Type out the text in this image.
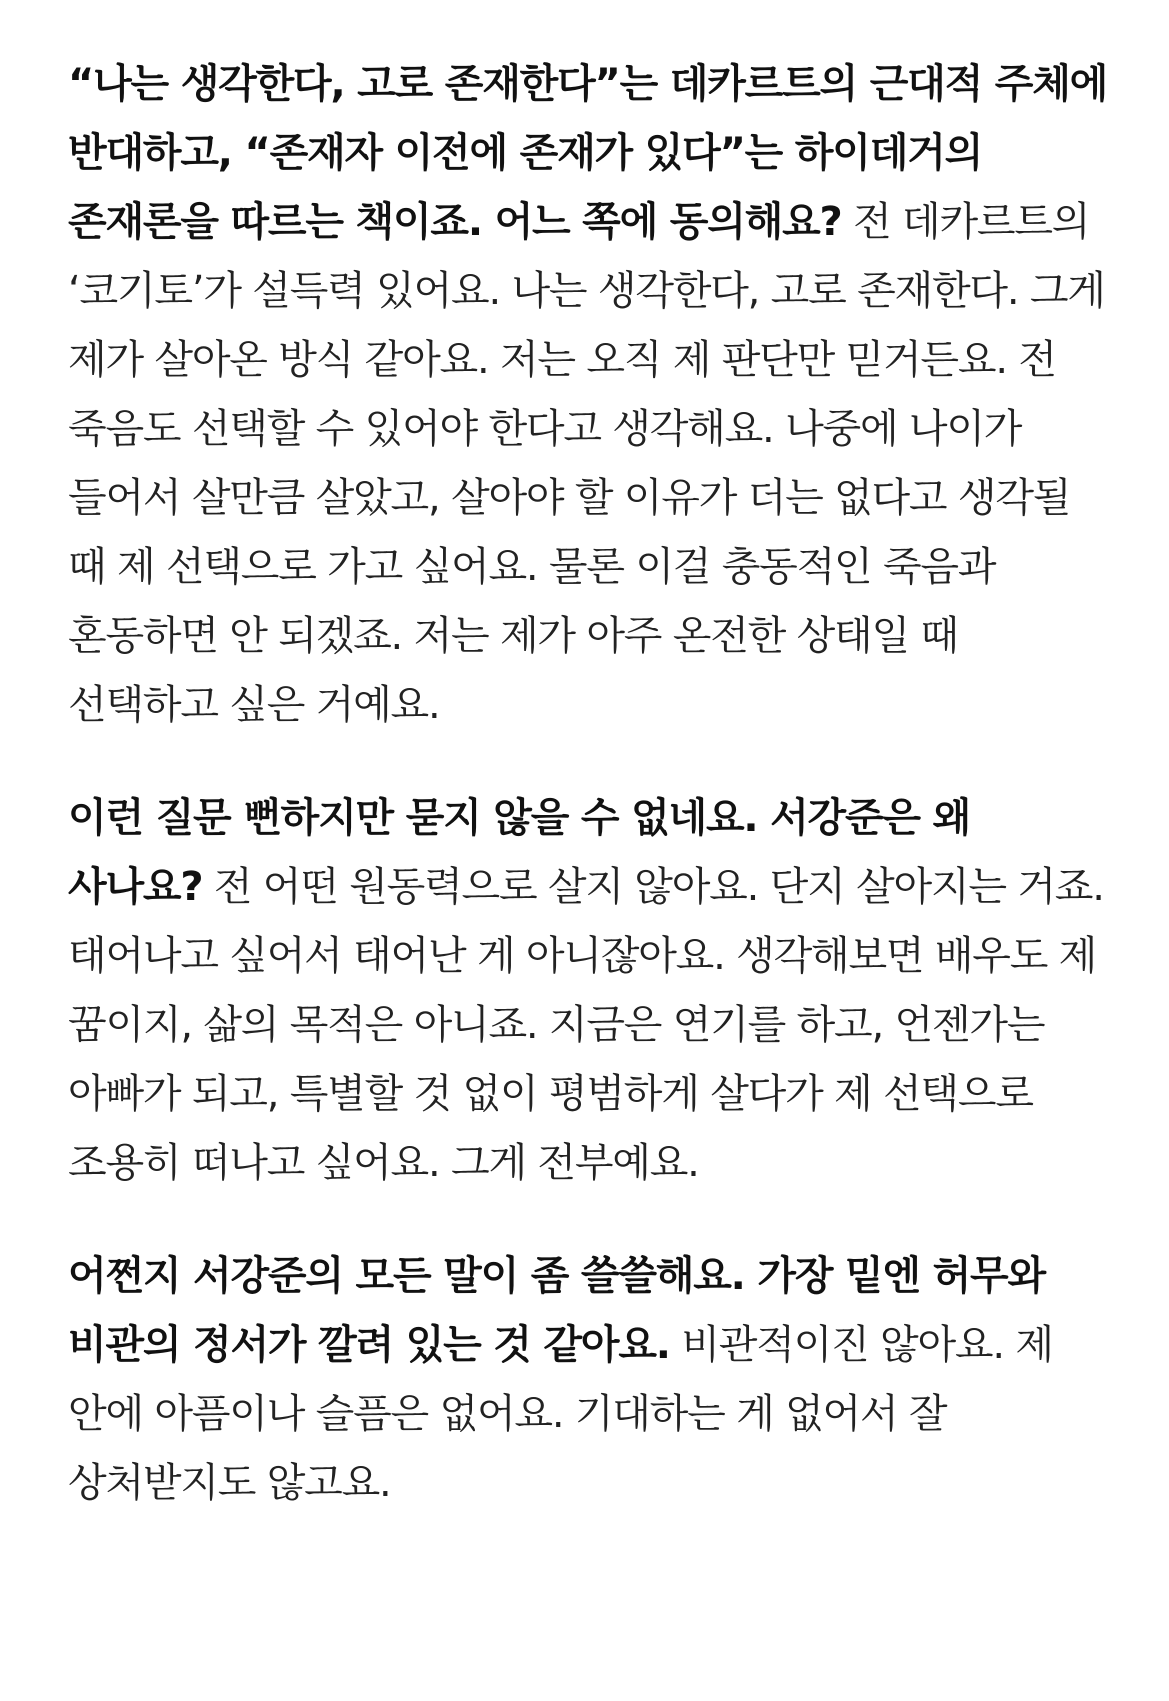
“나는 생각한다, 고로 존재한다”는 데카르트의 근대적 주체에 반대하고, “존재자 이전에 존재가 있다”는 하이데거의 존재론을 따르는 책이죠. 어느 쪽에 동의해요? 전 데카르트의 ‘코기토’가 설득력 있어요. 나는 생각한다, 고로 존재한다. 그게 제가 살아온 방식 같아요. 저는 오직 제 판단만 믿거든요. 전 죽음도 선택할 수 있어야 한다고 생각해요. 나중에 나이가 들어서 살만큼 살았고, 살아야 할 이유가 더는 없다고 생각될 때 제 선택으로 가고 싶어요. 물론 이걸 충동적인 죽음과 혼동하면 안 되겠죠. 저는 제가 아주 온전한 상태일 때 선택하고 싶은 거예요.

이런 질문 뻔하지만 묻지 않을 수 없네요. 서강준은 왜 사나요? 전 어떤 원동력으로 살지 않아요. 단지 살아지는 거죠. 태어나고 싶어서 태어난 게 아니잖아요. 생각해보면 배우도 제 꿈이지, 삶의 목적은 아니죠. 지금은 연기를 하고, 언젠가는 아빠가 되고, 특별할 것 없이 평범하게 살다가 제 선택으로 조용히 떠나고 싶어요. 그게 전부예요.

어쩐지 서강준의 모든 말이 좀 쓸쓸해요. 가장 밑엔 허무와 비관의 정서가 깔려 있는 것 같아요. 비관적이진 않아요. 제 안에 아픔이나 슬픔은 없어요. 기대하는 게 없어서 잘 상처받지도 않고요.
